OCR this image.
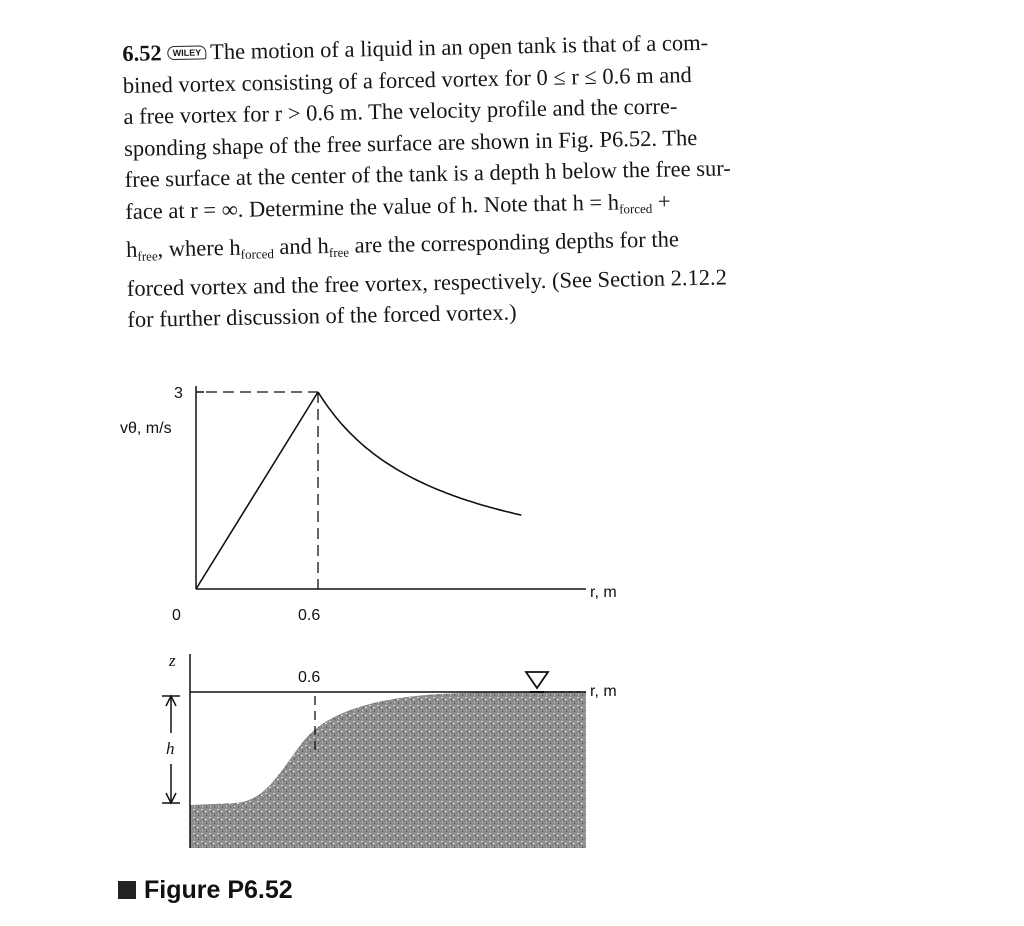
6.52 WILEY The motion of a liquid in an open tank is that of a com-
bined vortex consisting of a forced vortex for 0 ≤ r ≤ 0.6 m and
a free vortex for r > 0.6 m. The velocity profile and the corre-
sponding shape of the free surface are shown in Fig. P6.52. The
free surface at the center of the tank is a depth h below the free sur-
face at r = ∞. Determine the value of h. Note that $h = h_{forced}$ +
$h_{free}$, where $h_{forced}$ and $h_{free}$ are the corresponding depths for the
forced vortex and the free vortex, respectively. (See Section 2.12.2
for further discussion of the forced vortex.)
3
vθ, m/s
0	0.6
r, m
z
0.6
r, m
h
Figure P6.52
